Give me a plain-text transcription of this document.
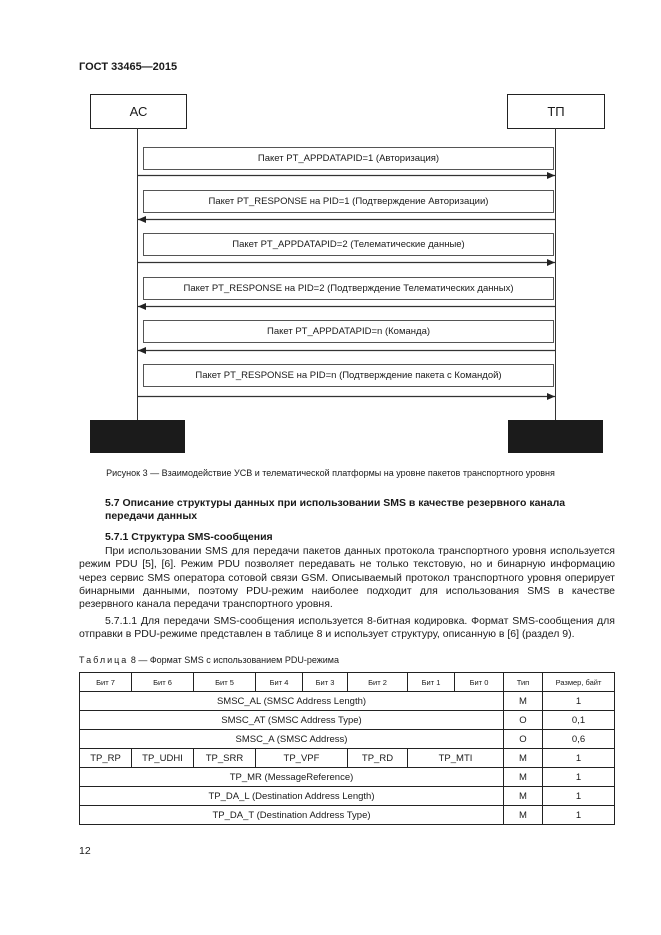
ГОСТ 33465—2015
АС	ТП
Пакет PT_APPDATAPID=1 (Авторизация)
Пакет PT_RESPONSE на PID=1 (Подтверждение Авторизации)
Пакет PT_APPDATAPID=2 (Телематические данные)
Пакет PT_RESPONSE на PID=2 (Подтверждение Телематических данных)
Пакет PT_APPDATAPID=n (Команда)
Пакет PT_RESPONSE на PID=n (Подтверждение пакета с Командой)
Рисунок 3 — Взаимодействие УСВ и телематической платформы на уровне пакетов транспортного уровня
5.7 Описание структуры данных при использовании SMS в качестве резервного канала передачи данных
5.7.1 Структура SMS-сообщения
При использовании SMS для передачи пакетов данных протокола транспортного уровня используется режим PDU [5], [6]. Режим PDU позволяет передавать не только текстовую, но и бинарную информацию через сервис SMS оператора сотовой связи GSM. Описываемый протокол транспортного уровня оперирует бинарными данными, поэтому PDU-режим наиболее подходит для использования SMS в качестве резервного канала передачи транспортного уровня.
5.7.1.1 Для передачи SMS-сообщения используется 8-битная кодировка. Формат SMS-сообщения для отправки в PDU-режиме представлен в таблице 8 и использует структуру, описанную в [6] (раздел 9).
Таблица 8 — Формат SMS с использованием PDU-режима
Бит 7	Бит 6	Бит 5	Бит 4	Бит 3	Бит 2	Бит 1	Бит 0	Тип	Размер, байт
SMSC_AL (SMSC Address Length)								М	1
SMSC_AT (SMSC Address Type)								О	0,1
SMSC_A (SMSC Address)								О	0,6
TP_RP	TP_UDHI	TP_SRR	TP_VPF		TP_RD	TP_MTI		М	1
TP_MR (MessageReference)								М	1
TP_DA_L (Destination Address Length)								М	1
TP_DA_T (Destination Address Type)								М	1
12
